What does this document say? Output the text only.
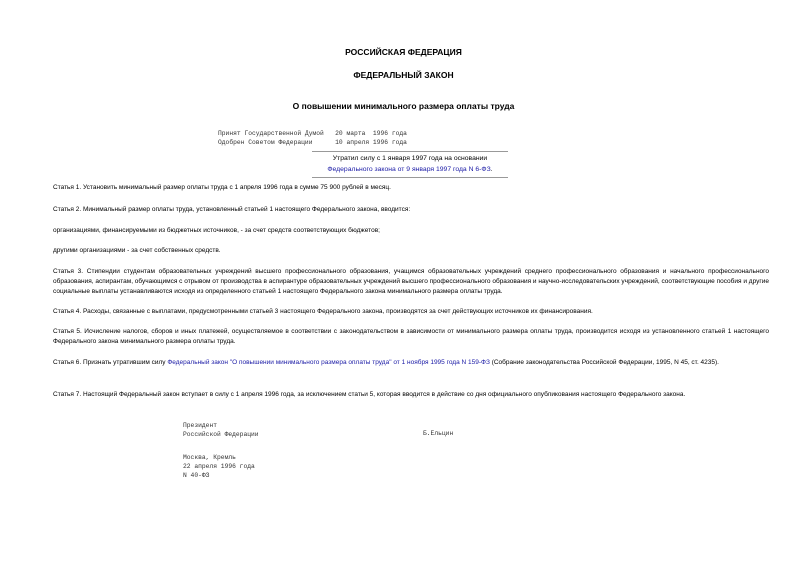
РОССИЙСКАЯ ФЕДЕРАЦИЯ
ФЕДЕРАЛЬНЫЙ ЗАКОН
О повышении минимального размера оплаты труда
Принят Государственной Думой   20 марта  1996 года
Одобрен Советом Федерации      10 апреля 1996 года
Утратил силу с 1 января 1997 года на основании
Федерального закона от 9 января 1997 года N 6-ФЗ.
Статья 1. Установить минимальный размер оплаты труда с 1 апреля 1996 года в сумме 75 900 рублей в месяц.
Статья 2. Минимальный размер оплаты труда, установленный статьей 1 настоящего Федерального закона, вводится:
организациями, финансируемыми из бюджетных источников, - за счет средств соответствующих бюджетов;
другими организациями - за счет собственных средств.
Статья 3. Стипендии студентам образовательных учреждений высшего профессионального образования, учащимся образовательных учреждений среднего профессионального образования и начального профессионального образования, аспирантам, обучающимся с отрывом от производства в аспирантуре образовательных учреждений высшего профессионального образования и научно-исследовательских учреждений, соответствующие пособия и другие социальные выплаты устанавливаются исходя из определенного статьей 1 настоящего Федерального закона минимального размера оплаты труда.
Статья 4. Расходы, связанные с выплатами, предусмотренными статьей 3 настоящего Федерального закона, производятся за счет действующих источников их финансирования.
Статья 5. Исчисление налогов, сборов и иных платежей, осуществляемое в соответствии с законодательством в зависимости от минимального размера оплаты труда, производится исходя из установленного статьей 1 настоящего Федерального закона минимального размера оплаты труда.
Статья 6. Признать утратившим силу Федеральный закон "О повышении минимального размера оплаты труда" от 1 ноября 1995 года N 159-ФЗ (Собрание законодательства Российской Федерации, 1995, N 45, ст. 4235).
Статья 7. Настоящий Федеральный закон вступает в силу с 1 апреля 1996 года, за исключением статьи 5, которая вводится в действие со дня официального опубликования настоящего Федерального закона.
Президент
Российской Федерации	Б.Ельцин
Москва, Кремль
22 апреля 1996 года
N 40-ФЗ
